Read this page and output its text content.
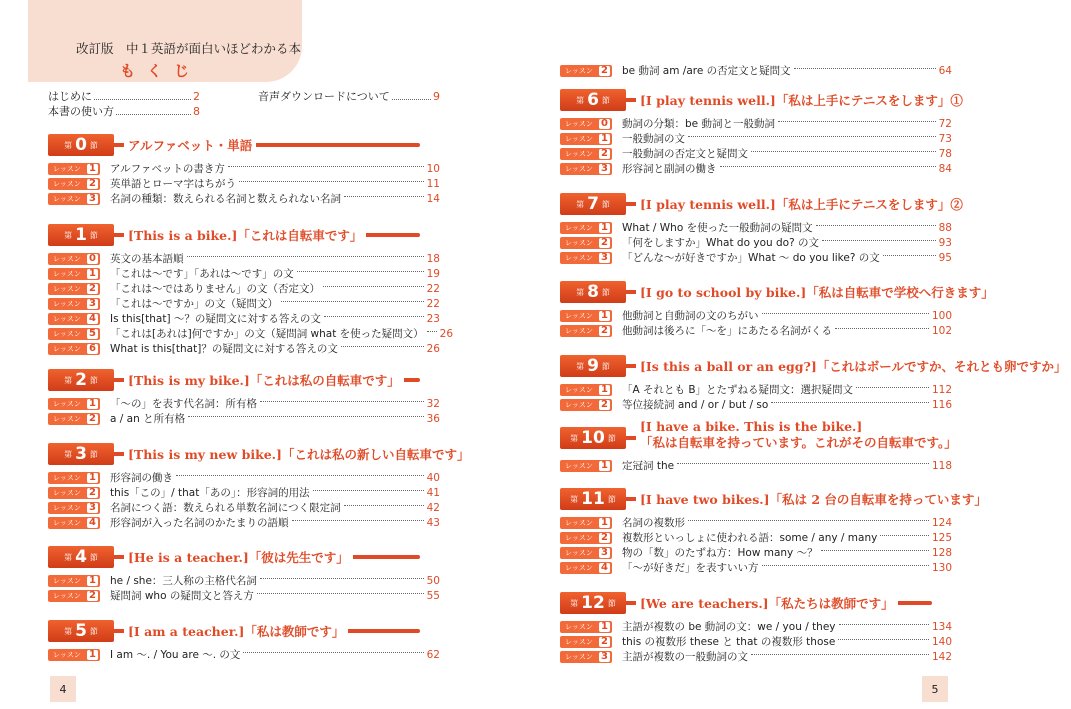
改訂版　中１英語が面白いほどわかる本
もくじ
はじめに	2
本書の使い方	8
音声ダウンロードについて	9
第 0 節	アルファベット・単語
レッスン 1 アルファベットの書き方	10
レッスン 2 英単語とローマ字はちがう	11
レッスン 3 名詞の種類：数えられる名詞と数えられない名詞	14
第 1 節	[This is a bike.]「これは自転車です」
レッスン 0 英文の基本語順	18
レッスン 1 「これは～です」「あれは～です」の文	19
レッスン 2 「これは～ではありません」の文（否定文）	22
レッスン 3 「これは～ですか」の文（疑問文）	22
レッスン 4 Is this[that] ～？の疑問文に対する答えの文	23
レッスン 5 「これは[あれは]何ですか」の文（疑問詞 what を使った疑問文） 26
レッスン 6 What is this[that]？の疑問文に対する答えの文	26
第 2 節	[This is my bike.]「これは私の自転車です」
レッスン 1 「～の」を表す代名詞：所有格	32
レッスン 2 a / an と所有格	36
第 3 節	[This is my new bike.]「これは私の新しい自転車です」
レッスン 1 形容詞の働き	40
レッスン 2 this「この」/ that「あの」：形容詞的用法	41
レッスン 3 名詞につく語：数えられる単数名詞につく限定詞	42
レッスン 4 形容詞が入った名詞のかたまりの語順	43
第 4 節	[He is a teacher.]「彼は先生です」
レッスン 1 he / she：三人称の主格代名詞	50
レッスン 2 疑問詞 who の疑問文と答え方	55
第 5 節	[I am a teacher.]「私は教師です」
レッスン 1 I am ～. / You are ～. の文	62
レッスン 2 be 動詞 am /are の否定文と疑問文	64
第 6 節	[I play tennis well.]「私は上手にテニスをします」①
レッスン 0 動詞の分類：be 動詞と一般動詞	72
レッスン 1 一般動詞の文	73
レッスン 2 一般動詞の否定文と疑問文	78
レッスン 3 形容詞と副詞の働き	84
第 7 節	[I play tennis well.]「私は上手にテニスをします」②
レッスン 1 What / Who を使った一般動詞の疑問文	88
レッスン 2 「何をしますか」What do you do? の文	93
レッスン 3 「どんな～が好きですか」What ～ do you like? の文	95
第 8 節	[I go to school by bike.]「私は自転車で学校へ行きます」
レッスン 1 他動詞と自動詞の文のちがい	100
レッスン 2 他動詞は後ろに「～を」にあたる名詞がくる	102
第 9 節	[Is this a ball or an egg?]「これはボールですか、それとも卵ですか」
レッスン 1 「A それとも B」とたずねる疑問文：選択疑問文	112
レッスン 2 等位接続詞 and / or / but / so	116
第 10 節
[I have a bike. This is the bike.]
「私は自転車を持っています。これがその自転車です。」
レッスン 1 定冠詞 the	118
第 11 節	[I have two bikes.]「私は 2 台の自転車を持っています」
レッスン 1 名詞の複数形	124
レッスン 2 複数形といっしょに使われる語：some / any / many	125
レッスン 3 物の「数」のたずね方：How many ～？	128
レッスン 4 「～が好きだ」を表すいい方	130
第 12 節	[We are teachers.]「私たちは教師です」
レッスン 1 主語が複数の be 動詞の文：we / you / they	134
レッスン 2 this の複数形 these と that の複数形 those	140
レッスン 3 主語が複数の一般動詞の文	142
4	5
